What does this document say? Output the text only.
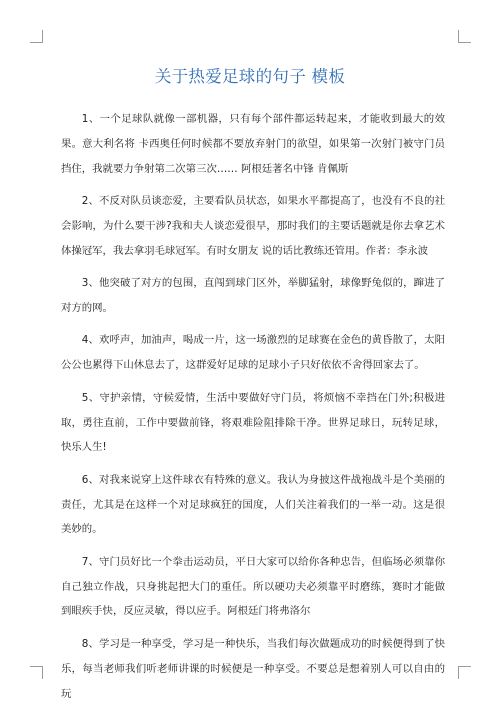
关于热爱足球的句子 模板

1、一个足球队就像一部机器，只有每个部件都运转起来，才能收到最大的效果。意大利名将 卡西奥任何时候都不要放弃射门的欲望，如果第一次射门被守门员挡住，我就要力争射第二次第三次…… 阿根廷著名中锋 肯佩斯

2、不反对队员谈恋爱，主要看队员状态，如果水平都提高了，也没有不良的社会影响，为什么要干涉?我和夫人谈恋爱很早，那时我们的主要话题就是你去拿艺术体操冠军，我去拿羽毛球冠军。有时女朋友 说的话比教练还管用。作者：李永波

3、他突破了对方的包围，直闯到球门区外，举脚猛射，球像野兔似的，蹿进了对方的网。

4、欢呼声，加油声，喝成一片，这一场激烈的足球赛在金色的黄昏散了，太阳公公也累得下山休息去了，这群爱好足球的足球小子只好依依不舍得回家去了。

5、守护亲情，守候爱情，生活中要做好守门员，将烦恼不幸挡在门外;积极进取，勇往直前，工作中要做前锋，将艰难险阻排除干净。世界足球日，玩转足球，快乐人生!

6、对我来说穿上这件球衣有特殊的意义。我认为身披这件战袍战斗是个美丽的责任，尤其是在这样一个对足球疯狂的国度，人们关注着我们的一举一动。这是很美妙的。

7、守门员好比一个拳击运动员，平日大家可以给你各种忠告，但临场必须靠你自己独立作战，只身挑起把大门的重任。所以硬功夫必须靠平时磨练，赛时才能做到眼疾手快，反应灵敏，得以应手。阿根廷门将弗洛尔

8、学习是一种享受，学习是一种快乐，当我们每次做题成功的时候便得到了快乐，每当老师我们听老师讲课的时候便是一种享受。不要总是想着别人可以自由的玩
